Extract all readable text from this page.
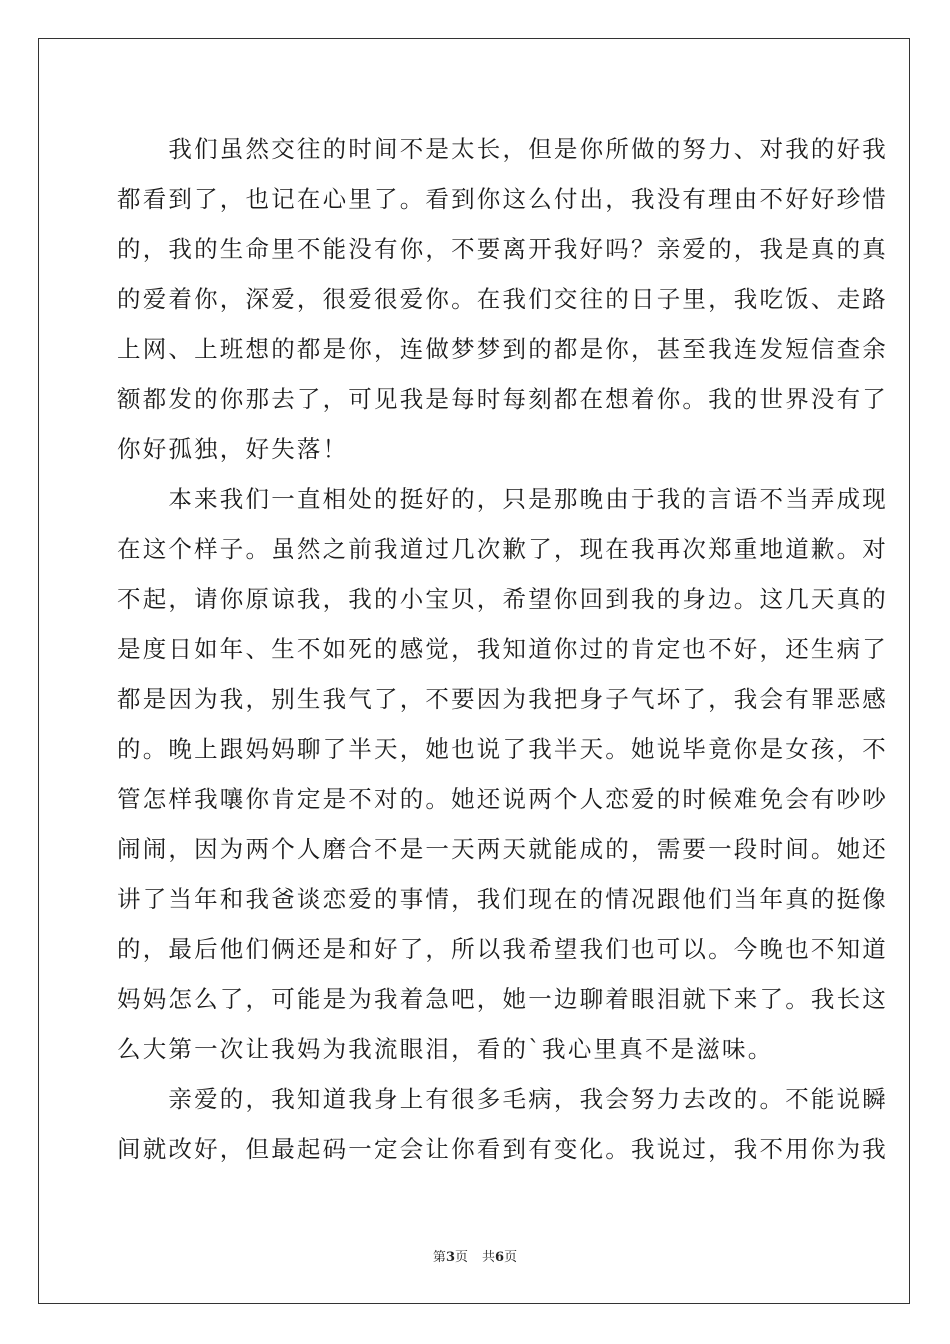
　　我们虽然交往的时间不是太长，但是你所做的努力、对我的好我
都看到了，也记在心里了。看到你这么付出，我没有理由不好好珍惜
的，我的生命里不能没有你，不要离开我好吗？亲爱的，我是真的真
的爱着你，深爱，很爱很爱你。在我们交往的日子里，我吃饭、走路
上网、上班想的都是你，连做梦梦到的都是你，甚至我连发短信查余
额都发的你那去了，可见我是每时每刻都在想着你。我的世界没有了
你好孤独，好失落！
　　本来我们一直相处的挺好的，只是那晚由于我的言语不当弄成现
在这个样子。虽然之前我道过几次歉了，现在我再次郑重地道歉。对
不起，请你原谅我，我的小宝贝，希望你回到我的身边。这几天真的
是度日如年、生不如死的感觉，我知道你过的肯定也不好，还生病了
都是因为我，别生我气了，不要因为我把身子气坏了，我会有罪恶感
的。晚上跟妈妈聊了半天，她也说了我半天。她说毕竟你是女孩，不
管怎样我嚷你肯定是不对的。她还说两个人恋爱的时候难免会有吵吵
闹闹，因为两个人磨合不是一天两天就能成的，需要一段时间。她还
讲了当年和我爸谈恋爱的事情，我们现在的情况跟他们当年真的挺像
的，最后他们俩还是和好了，所以我希望我们也可以。今晚也不知道
妈妈怎么了，可能是为我着急吧，她一边聊着眼泪就下来了。我长这
么大第一次让我妈为我流眼泪，看的`我心里真不是滋味。
　　亲爱的，我知道我身上有很多毛病，我会努力去改的。不能说瞬
间就改好，但最起码一定会让你看到有变化。我说过，我不用你为我
第3页 共6页
